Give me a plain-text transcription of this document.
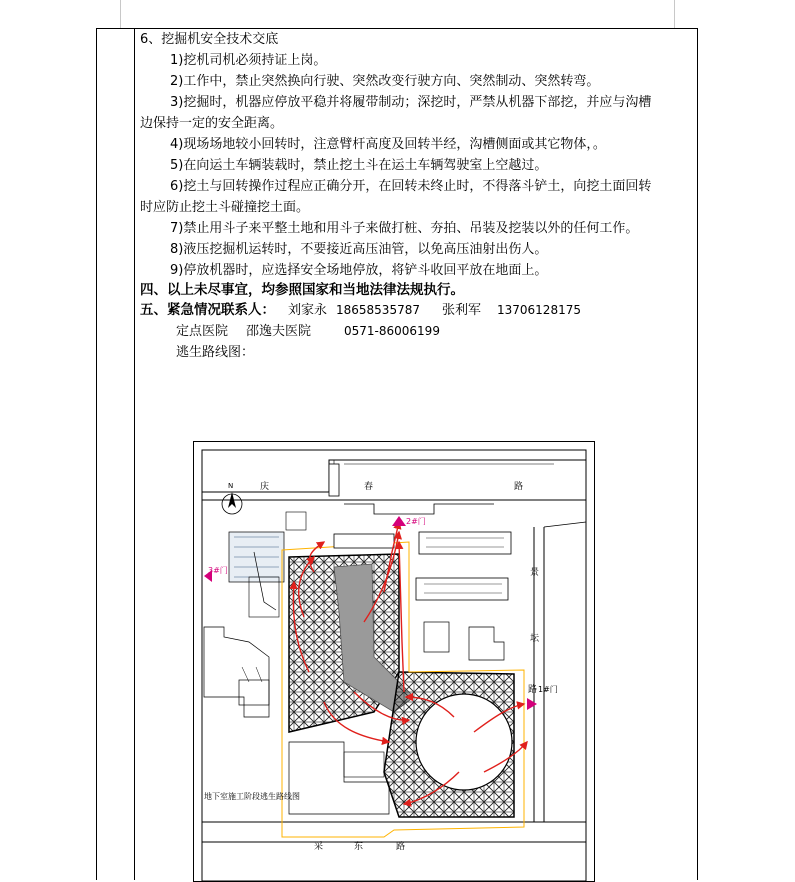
6、挖掘机安全技术交底
1)挖机司机必须持证上岗。
2)工作中，禁止突然换向行驶、突然改变行驶方向、突然制动、突然转弯。
3)挖掘时，机器应停放平稳并将履带制动；深挖时，严禁从机器下部挖，并应与沟槽
边保持一定的安全距离。
4)现场场地较小回转时，注意臂杆高度及回转半经，沟槽侧面或其它物体，。
5)在向运土车辆装载时，禁止挖土斗在运土车辆驾驶室上空越过。
6)挖土与回转操作过程应正确分开，在回转未终止时，不得落斗铲土，向挖土面回转
时应防止挖土斗碰撞挖土面。
7)禁止用斗子来平整土地和用斗子来做打桩、夯拍、吊装及挖装以外的任何工作。
8)液压挖掘机运转时，不要接近高压油管，以免高压油射出伤人。
9)停放机器时，应选择安全场地停放，将铲斗收回平放在地面上。
四、以上未尽事宜，均参照国家和当地法律法规执行。
五、紧急情况联系人： 刘家永 18658535787 张利军 13706128175
定点医院 邵逸夫医院	0571-86006199
逃生路线图：
庆	春	路
N
2#门
3#门
1#门
景
坛
路
地下室施工阶段逃生路线图
采	东	路
